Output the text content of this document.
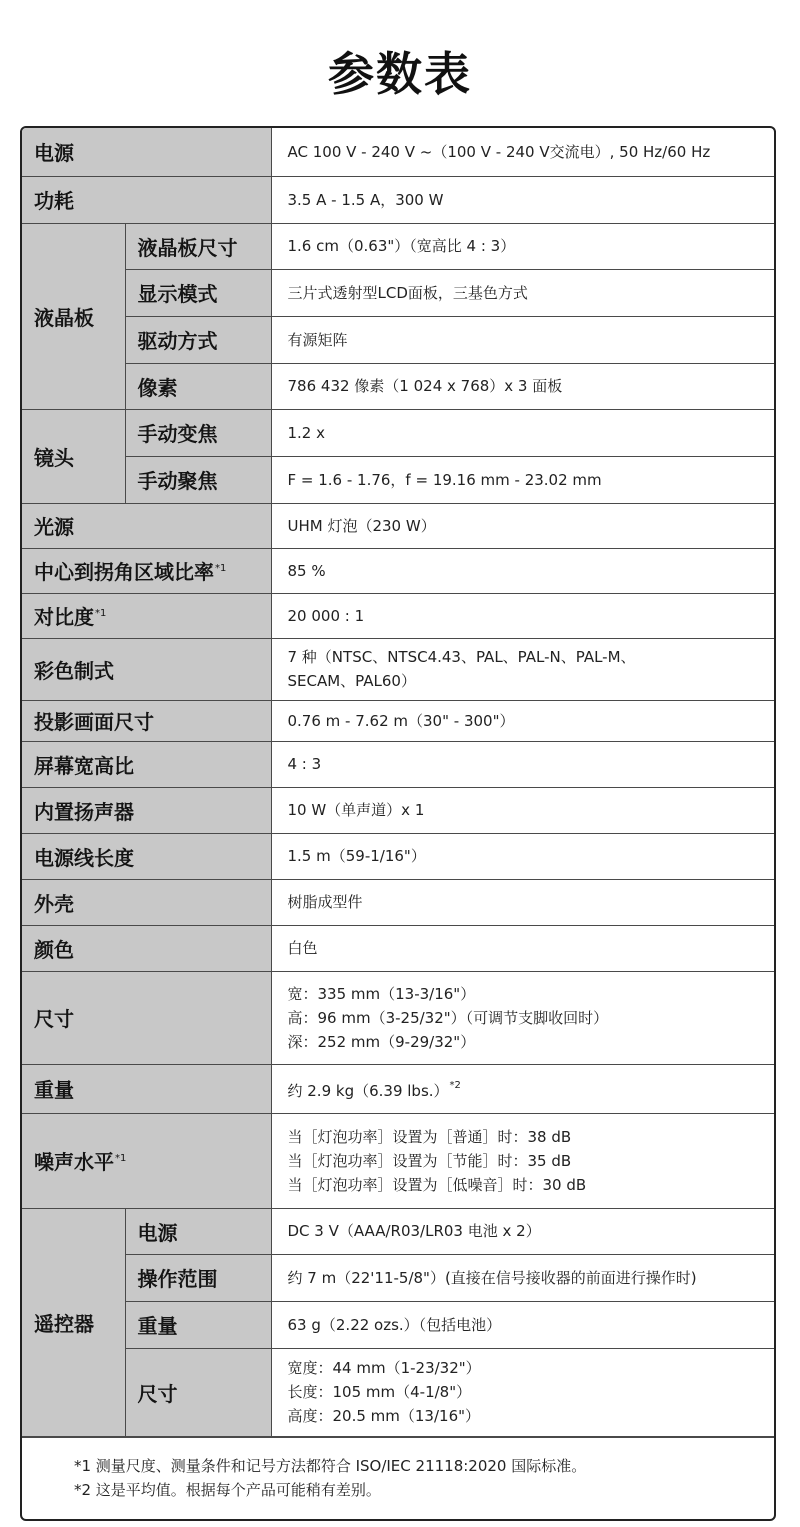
参数表
电源		AC 100 V - 240 V ~（100 V - 240 V交流电）, 50 Hz/60 Hz
功耗		3.5 A - 1.5 A，300 W
液晶板	液晶板尺寸	1.6 cm（0.63"）（宽高比 4 : 3）
	显示模式	三片式透射型LCD面板，三基色方式
	驱动方式	有源矩阵
	像素	786 432 像素（1 024 x 768）x 3 面板
镜头	手动变焦	1.2 x
	手动聚焦	F = 1.6 - 1.76，f = 19.16 mm - 23.02 mm
光源		UHM 灯泡（230 W）
中心到拐角区域比率$^{*1}$		85 %
对比度$^{*1}$		20 000 : 1
彩色制式		7 种（NTSC、NTSC4.43、PAL、PAL-N、PAL-M、
SECAM、PAL60）

投影画面尺寸		0.76 m - 7.62 m（30" - 300"）
屏幕宽高比		4 : 3
内置扬声器		10 W（单声道）x 1
电源线长度		1.5 m（59-1/16"）
外壳		树脂成型件
颜色		白色
尺寸		宽：335 mm（13-3/16"）
高：96 mm（3-25/32"）（可调节支脚收回时）
深：252 mm（9-29/32"）

重量		约 2.9 kg（6.39 lbs.）$^{*2}$
噪声水平$^{*1}$		当［灯泡功率］设置为［普通］时：38 dB
当［灯泡功率］设置为［节能］时：35 dB
当［灯泡功率］设置为［低噪音］时：30 dB

遥控器	电源	DC 3 V（AAA/R03/LR03 电池 x 2）
	操作范围	约 7 m（22'11-5/8"）(直接在信号接收器的前面进行操作时)
	重量	63 g（2.22 ozs.）（包括电池）
	尺寸	宽度：44 mm（1-23/32"）
长度：105 mm（4-1/8"）
高度：20.5 mm（13/16"）
*1 测量尺度、测量条件和记号方法都符合 ISO/IEC 21118:2020 国际标准。
*2 这是平均值。根据每个产品可能稍有差别。
